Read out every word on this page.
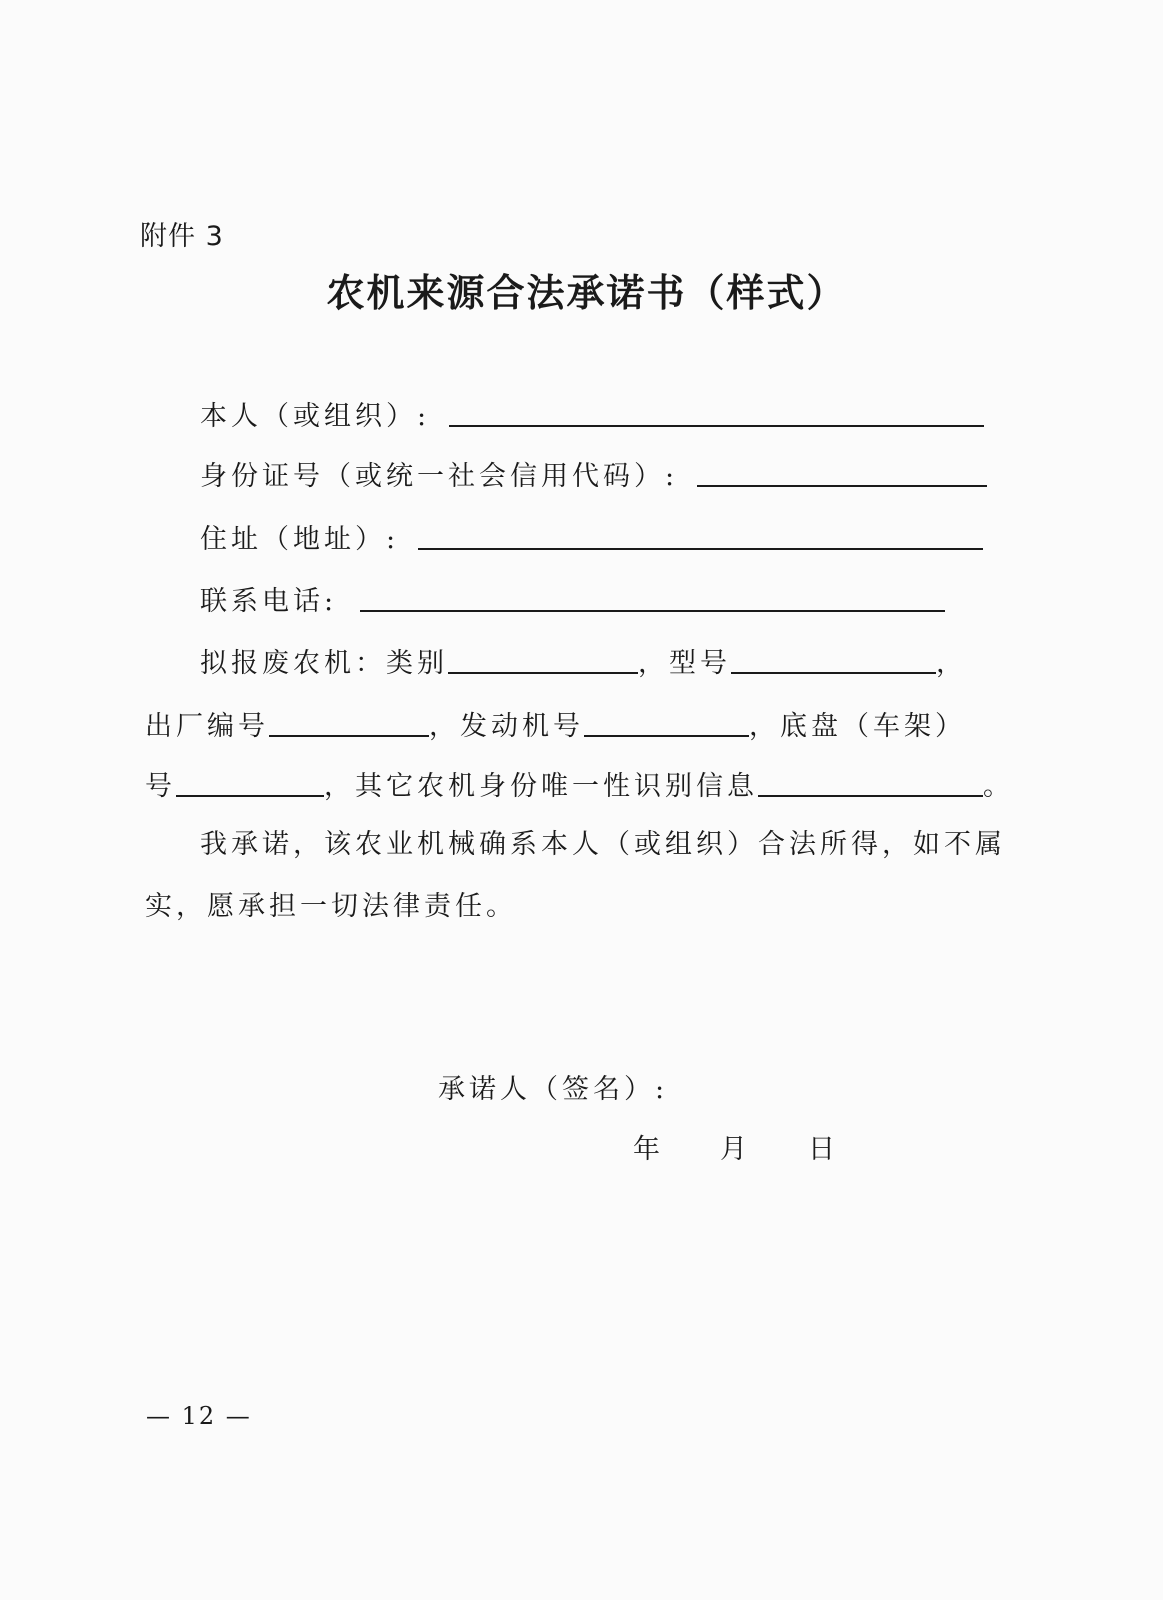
附件 3
农机来源合法承诺书（样式）
本人（或组织）:
身份证号（或统一社会信用代码）:
住址（地址）:
联系电话:
拟报废农机：类别	，型号	，
出厂编号	，发动机号	，底盘（车架）
号	，其它农机身份唯一性识别信息	。
我承诺，该农业机械确系本人（或组织）合法所得，如不属
实，愿承担一切法律责任。
承诺人（签名）:
年 月 日
— 12 —
